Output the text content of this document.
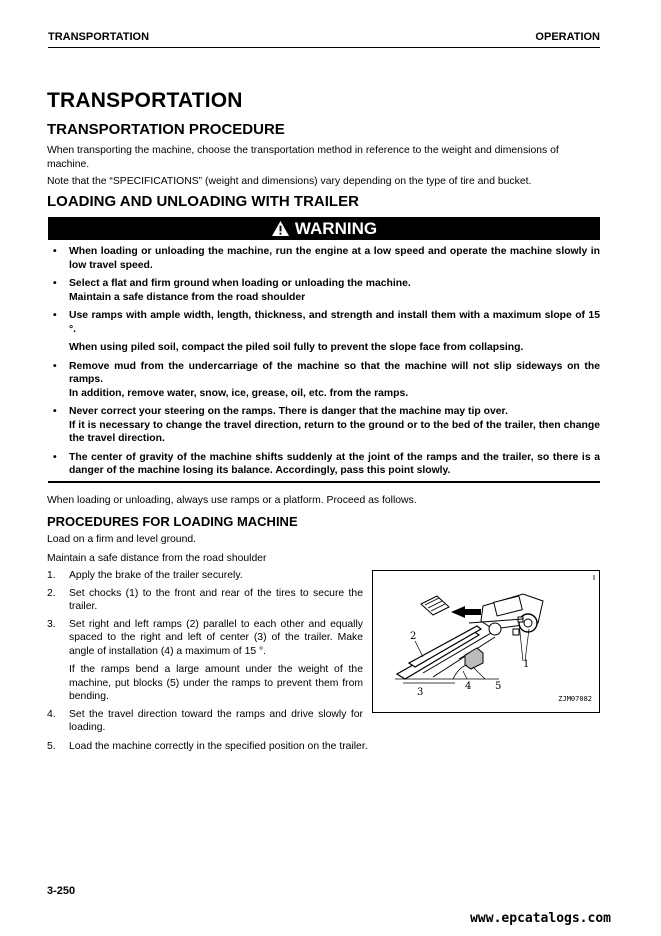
TRANSPORTATION	OPERATION
TRANSPORTATION
TRANSPORTATION PROCEDURE
When transporting the machine, choose the transportation method in reference to the weight and dimensions of machine.
Note that the “SPECIFICATIONS” (weight and dimensions) vary depending on the type of tire and bucket.
LOADING AND UNLOADING WITH TRAILER
WARNING
• When loading or unloading the machine, run the engine at a low speed and operate the machine slowly in low travel speed.
• Select a flat and firm ground when loading or unloading the machine.
Maintain a safe distance from the road shoulder
• Use ramps with ample width, length, thickness, and strength and install them with a maximum slope of 15 °.
When using piled soil, compact the piled soil fully to prevent the slope face from collapsing.
• Remove mud from the undercarriage of the machine so that the machine will not slip sideways on the ramps.
In addition, remove water, snow, ice, grease, oil, etc. from the ramps.
• Never correct your steering on the ramps. There is danger that the machine may tip over.
If it is necessary to change the travel direction, return to the ground or to the bed of the trailer, then change the travel direction.
• The center of gravity of the machine shifts suddenly at the joint of the ramps and the trailer, so there is a danger of the machine losing its balance. Accordingly, pass this point slowly.
When loading or unloading, always use ramps or a platform. Proceed as follows.
PROCEDURES FOR LOADING MACHINE
Load on a firm and level ground.
Maintain a safe distance from the road shoulder
1. Apply the brake of the trailer securely.
2. Set chocks (1) to the front and rear of the tires to secure the trailer.
3. Set right and left ramps (2) parallel to each other and equally spaced to the right and left of center (3) of the trailer. Make angle of installation (4) a maximum of 15 °.
If the ramps bend a large amount under the weight of the machine, put blocks (5) under the ramps to prevent them from bending.
4. Set the travel direction toward the ramps and drive slowly for loading.
5. Load the machine correctly in the specified position on the trailer.
2
1
3
4 5
ZJM07082
3-250
www.epcatalogs.com
